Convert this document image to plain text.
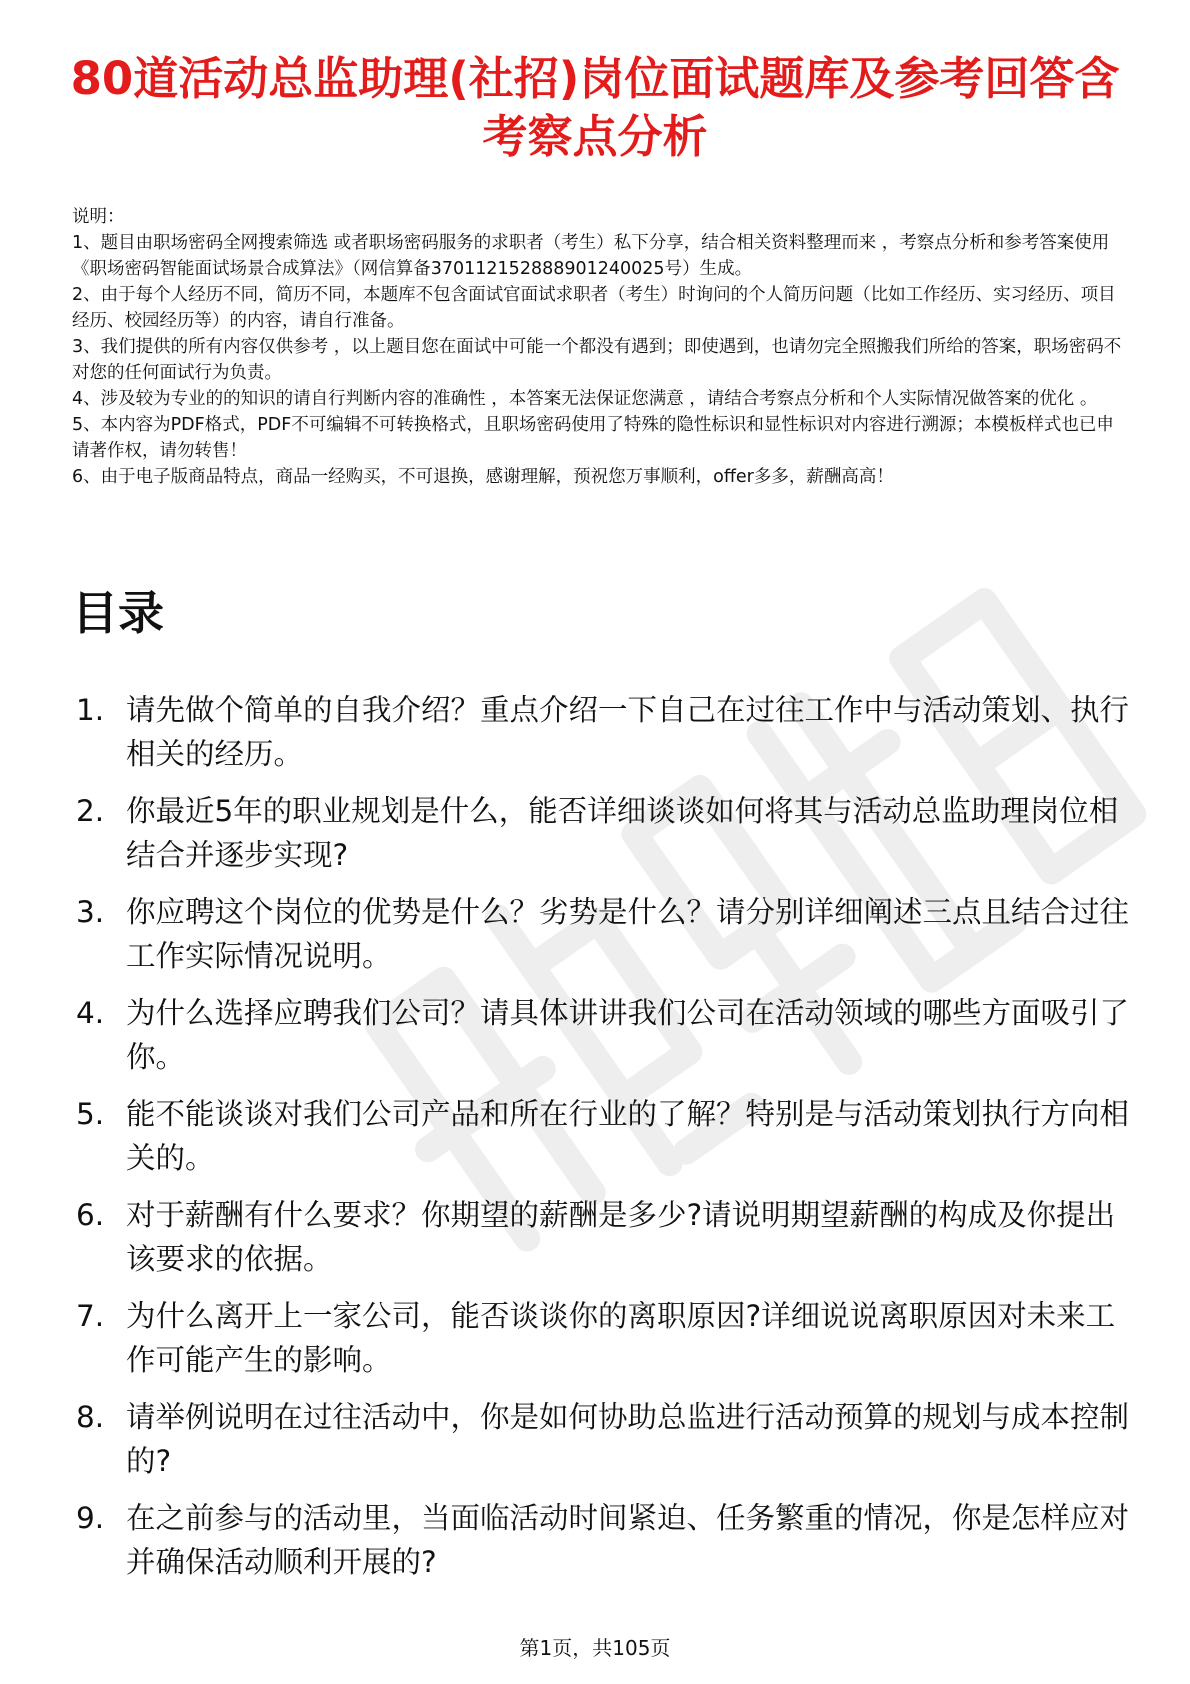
80道活动总监助理(社招)岗位面试题库及参考回答含考察点分析

说明：

1、题目由职场密码全网搜索筛选 或者职场密码服务的求职者（考生）私下分享，结合相关资料整理而来 ，考察点分析和参考答案使用《职场密码智能面试场景合成算法》（网信算备370112152888901240025号）生成。

2、由于每个人经历不同，简历不同，本题库不包含面试官面试求职者（考生）时询问的个人简历问题（比如工作经历、实习经历、项目经历、校园经历等）的内容，请自行准备。

3、我们提供的所有内容仅供参考 ，以上题目您在面试中可能一个都没有遇到；即使遇到，也请勿完全照搬我们所给的答案，职场密码不对您的任何面试行为负责。

4、涉及较为专业的的知识的请自行判断内容的准确性 ，本答案无法保证您满意 ，请结合考察点分析和个人实际情况做答案的优化 。

5、本内容为PDF格式，PDF不可编辑不可转换格式，且职场密码使用了特殊的隐性标识和显性标识对内容进行溯源；本模板样式也已申请著作权，请勿转售！

6、由于电子版商品特点，商品一经购买，不可退换，感谢理解，预祝您万事顺利，offer多多，薪酬高高！

目录
1. 请先做个简单的自我介绍？重点介绍一下自己在过往工作中与活动策划、执行相关的经历。
2. 你最近5年的职业规划是什么，能否详细谈谈如何将其与活动总监助理岗位相结合并逐步实现?
3. 你应聘这个岗位的优势是什么？劣势是什么？请分别详细阐述三点且结合过往工作实际情况说明。
4. 为什么选择应聘我们公司？请具体讲讲我们公司在活动领域的哪些方面吸引了你。
5. 能不能谈谈对我们公司产品和所在行业的了解？特别是与活动策划执行方向相关的。
6. 对于薪酬有什么要求？你期望的薪酬是多少?请说明期望薪酬的构成及你提出该要求的依据。
7. 为什么离开上一家公司，能否谈谈你的离职原因?详细说说离职原因对未来工作可能产生的影响。
8. 请举例说明在过往活动中，你是如何协助总监进行活动预算的规划与成本控制的?
9. 在之前参与的活动里，当面临活动时间紧迫、任务繁重的情况，你是怎样应对并确保活动顺利开展的?
第1页，共105页
